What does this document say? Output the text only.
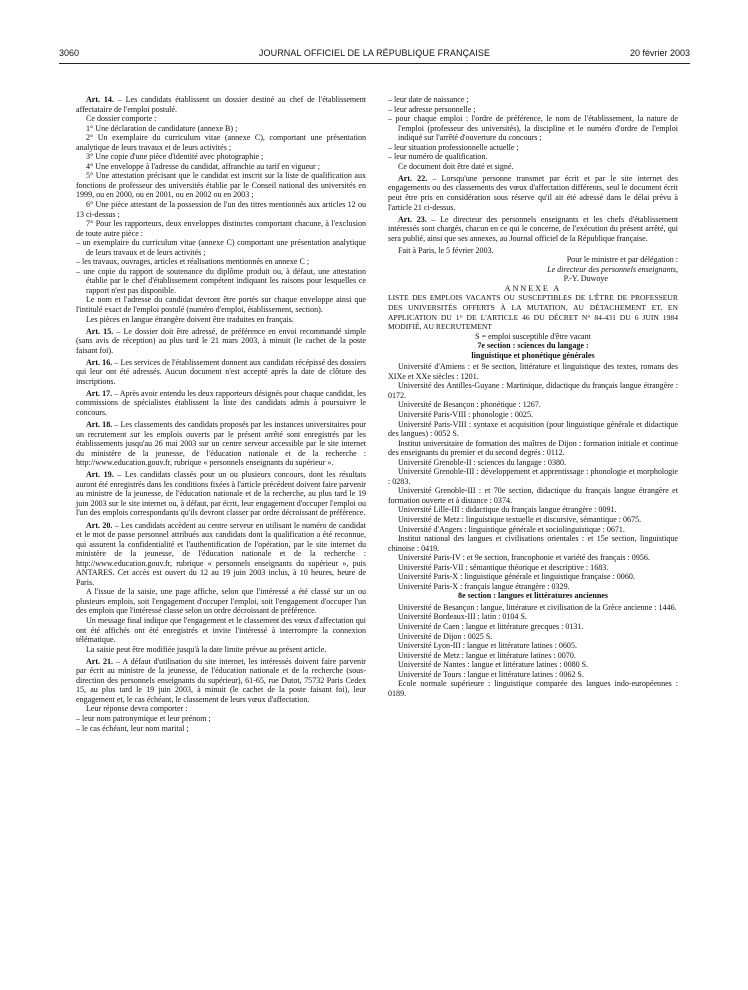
3060	JOURNAL OFFICIEL DE LA RÉPUBLIQUE FRANÇAISE	20 février 2003

Art. 14. – Les candidats établissent un dossier destiné au chef de l'établissement affectataire de l'emploi postulé.

Ce dossier comporte :

1° Une déclaration de candidature (annexe B) ;

2° Un exemplaire du curriculum vitae (annexe C), comportant une présentation analytique de leurs travaux et de leurs activités ;

3° Une copie d'une pièce d'identité avec photographie ;

4° Une enveloppe à l'adresse du candidat, affranchie au tarif en vigueur ;

5° Une attestation précisant que le candidat est inscrit sur la liste de qualification aux fonctions de professeur des universités établie par le Conseil national des universités en 1999, ou en 2000, ou en 2001, ou en 2002 ou en 2003 ;

6° Une pièce attestant de la possession de l'un des titres mentionnés aux articles 12 ou 13 ci-dessus ;

7° Pour les rapporteurs, deux enveloppes distinctes comportant chacune, à l'exclusion de toute autre pièce :

– un exemplaire du curriculum vitae (annexe C) comportant une présentation analytique de leurs travaux et de leurs activités ;
– les travaux, ouvrages, articles et réalisations mentionnés en annexe C ;
– une copie du rapport de soutenance du diplôme produit ou, à défaut, une attestation établie par le chef d'établissement compétent indiquant les raisons pour lesquelles ce rapport n'est pas disponible.

Le nom et l'adresse du candidat devront être portés sur chaque enveloppe ainsi que l'intitulé exact de l'emploi postulé (numéro d'emploi, établissement, section).

Les pièces en langue étrangère doivent être traduites en français.

Art. 15. – Le dossier doit être adressé, de préférence en envoi recommandé simple (sans avis de réception) au plus tard le 21 mars 2003, à minuit (le cachet de la poste faisant foi).

Art. 16. – Les services de l'établissement donnent aux candidats récépissé des dossiers qui leur ont été adressés. Aucun document n'est accepté après la date de clôture des inscriptions.

Art. 17. – Après avoir entendu les deux rapporteurs désignés pour chaque candidat, les commissions de spécialistes établissent la liste des candidats admis à poursuivre le concours.

Art. 18. – Les classements des candidats proposés par les instances universitaires pour un recrutement sur les emplois ouverts par le présent arrêté sont enregistrés par les établissements jusqu'au 26 mai 2003 sur un centre serveur accessible par le site internet du ministère de la jeunesse, de l'éducation nationale et de la recherche : http://www.education.gouv.fr, rubrique « personnels enseignants du supérieur ».

Art. 19. – Les candidats classés pour un ou plusieurs concours, dont les résultats auront été enregistrés dans les conditions fixées à l'article précédent doivent faire parvenir au ministre de la jeunesse, de l'éducation nationale et de la recherche, au plus tard le 19 juin 2003 sur le site internet ou, à défaut, par écrit, leur engagement d'occuper l'emploi ou l'un des emplois correspondants qu'ils devront classer par ordre décroissant de préférence.

Art. 20. – Les candidats accèdent au centre serveur en utilisant le numéro de candidat et le mot de passe personnel attribués aux candidats dont la qualification a été reconnue, qui assurent la confidentialité et l'authentification de l'opération, par le site internet du ministère de la jeunesse, de l'éducation nationale et de la recherche : http://www.education.gouv.fr, rubrique « personnels enseignants du supérieur », puis ANTARES. Cet accès est ouvert du 12 au 19 juin 2003 inclus, à 10 heures, heure de Paris.

A l'issue de la saisie, une page affiche, selon que l'intéressé a été classé sur un ou plusieurs emplois, soit l'engagement d'occuper l'emploi, soit l'engagement d'occuper l'un des emplois que l'intéressé classe selon un ordre décroissant de préférence.

Un message final indique que l'engagement et le classement des vœux d'affectation qui ont été affichés ont été enregistrés et invite l'intéressé à interrompre la connexion télématique.

La saisie peut être modifiée jusqu'à la date limite prévue au présent article.

Art. 21. – A défaut d'utilisation du site internet, les intéressés doivent faire parvenir par écrit au ministre de la jeunesse, de l'éducation nationale et de la recherche (sous-direction des personnels enseignants du supérieur), 61-65, rue Dutot, 75732 Paris Cedex 15, au plus tard le 19 juin 2003, à minuit (le cachet de la poste faisant foi), leur engagement et, le cas échéant, le classement de leurs vœux d'affectation.

Leur réponse devra comporter :

– leur nom patronymique et leur prénom ;
– le cas échéant, leur nom marital ;
– leur date de naissance ;
– leur adresse personnelle ;
– pour chaque emploi : l'ordre de préférence, le nom de l'établissement, la nature de l'emploi (professeur des universités), la discipline et le numéro d'ordre de l'emploi indiqué sur l'arrêté d'ouverture du concours ;
– leur situation professionnelle actuelle ;
– leur numéro de qualification.

Ce document doit être daté et signé.

Art. 22. – Lorsqu'une personne transmet par écrit et par le site internet des engagements ou des classements des vœux d'affectation différents, seul le document écrit peut être pris en considération sous réserve qu'il ait été adressé dans le délai prévu à l'article 21 ci-dessus.

Art. 23. – Le directeur des personnels enseignants et les chefs d'établissement intéressés sont chargés, chacun en ce qui le concerne, de l'exécution du présent arrêté, qui sera publié, ainsi que ses annexes, au Journal officiel de la République française.

Fait à Paris, le 5 février 2003.

Pour le ministre et par délégation :

Le directeur des personnels enseignants,

P.-Y. Duwoye

ANNEXE A

LISTE DES EMPLOIS VACANTS OU SUSCEPTIBLES DE L'ÊTRE DE PROFESSEUR DES UNIVERSITÉS OFFERTS À LA MUTATION, AU DÉTACHEMENT ET, EN APPLICATION DU 1° DE L'ARTICLE 46 DU DÉCRET N° 84-431 DU 6 JUIN 1984 MODIFIÉ, AU RECRUTEMENT

S = emploi susceptible d'être vacant

7e section : sciences du langage :

linguistique et phonétique générales

Université d'Amiens : et 9e section, littérature et linguistique des textes, romans des XIXe et XXe siècles : 1201.

Université des Antilles-Guyane : Martinique, didactique du français langue étrangère : 0172.

Université de Besançon : phonétique : 1267.

Université Paris-VIII : phonologie : 0025.

Université Paris-VIII : syntaxe et acquisition (pour linguistique générale et didactique des langues) : 0052 S.

Institut universitaire de formation des maîtres de Dijon : formation initiale et continue des enseignants du premier et du second degrés : 0112.

Université Grenoble-II : sciences du langage : 0380.

Université Grenoble-III : développement et apprentissage : phonologie et morphologie : 0283.

Université Grenoble-III : et 70e section, didactique du français langue étrangère et formation ouverte et à distance : 0374.

Université Lille-III : didactique du français langue étrangère : 0091.

Université de Metz : linguistique textuelle et discursive, sémantique : 0675.

Université d'Angers : linguistique générale et sociolinguistique : 0671.

Institut national des langues et civilisations orientales : et 15e section, linguistique chinoise : 0419.

Université Paris-IV : et 9e section, francophonie et variété des français : 0956.

Université Paris-VII : sémantique théorique et descriptive : 1683.

Université Paris-X : linguistique générale et linguistique française : 0060.

Université Paris-X : français langue étrangère : 0329.

8e section : langues et littératures anciennes

Université de Besançon : langue, littérature et civilisation de la Grèce ancienne : 1446.

Université Bordeaux-III : latin : 0104 S.

Université de Caen : langue et littérature grecques : 0131.

Université de Dijon : 0025 S.

Université Lyon-III : langue et littérature latines : 0605.

Université de Metz : langue et littérature latines : 0070.

Université de Nantes : langue et littérature latines : 0080 S.

Université de Tours : langue et littérature latines : 0062 S.

Ecole normale supérieure : linguistique comparée des langues indo-européennes : 0189.
